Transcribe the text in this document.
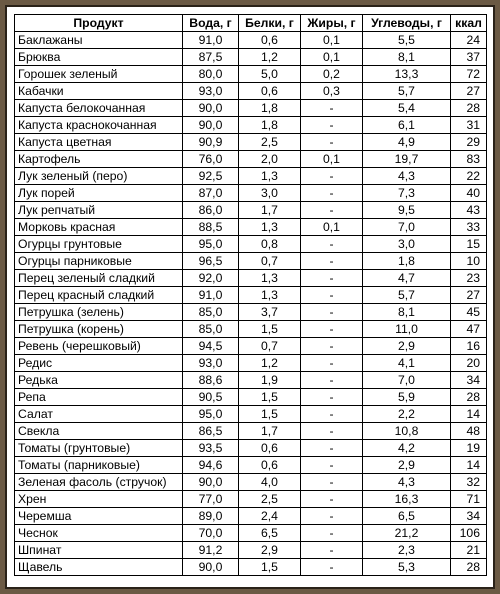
Продукт	Вода, г	Белки, г	Жиры, г	Углеводы, г	ккал
Баклажаны	91,0	0,6	0,1	5,5	24
Брюква	87,5	1,2	0,1	8,1	37
Горошек зеленый	80,0	5,0	0,2	13,3	72
Кабачки	93,0	0,6	0,3	5,7	27
Капуста белокочанная	90,0	1,8	-	5,4	28
Капуста краснокочанная	90,0	1,8	-	6,1	31
Капуста цветная	90,9	2,5	-	4,9	29
Картофель	76,0	2,0	0,1	19,7	83
Лук зеленый (перо)	92,5	1,3	-	4,3	22
Лук порей	87,0	3,0	-	7,3	40
Лук репчатый	86,0	1,7	-	9,5	43
Морковь красная	88,5	1,3	0,1	7,0	33
Огурцы грунтовые	95,0	0,8	-	3,0	15
Огурцы парниковые	96,5	0,7	-	1,8	10
Перец зеленый сладкий	92,0	1,3	-	4,7	23
Перец красный сладкий	91,0	1,3	-	5,7	27
Петрушка (зелень)	85,0	3,7	-	8,1	45
Петрушка (корень)	85,0	1,5	-	11,0	47
Ревень (черешковый)	94,5	0,7	-	2,9	16
Редис	93,0	1,2	-	4,1	20
Редька	88,6	1,9	-	7,0	34
Репа	90,5	1,5	-	5,9	28
Салат	95,0	1,5	-	2,2	14
Свекла	86,5	1,7	-	10,8	48
Томаты (грунтовые)	93,5	0,6	-	4,2	19
Томаты (парниковые)	94,6	0,6	-	2,9	14
Зеленая фасоль (стручок)	90,0	4,0	-	4,3	32
Хрен	77,0	2,5	-	16,3	71
Черемша	89,0	2,4	-	6,5	34
Чеснок	70,0	6,5	-	21,2	106
Шпинат	91,2	2,9	-	2,3	21
Щавель	90,0	1,5	-	5,3	28
